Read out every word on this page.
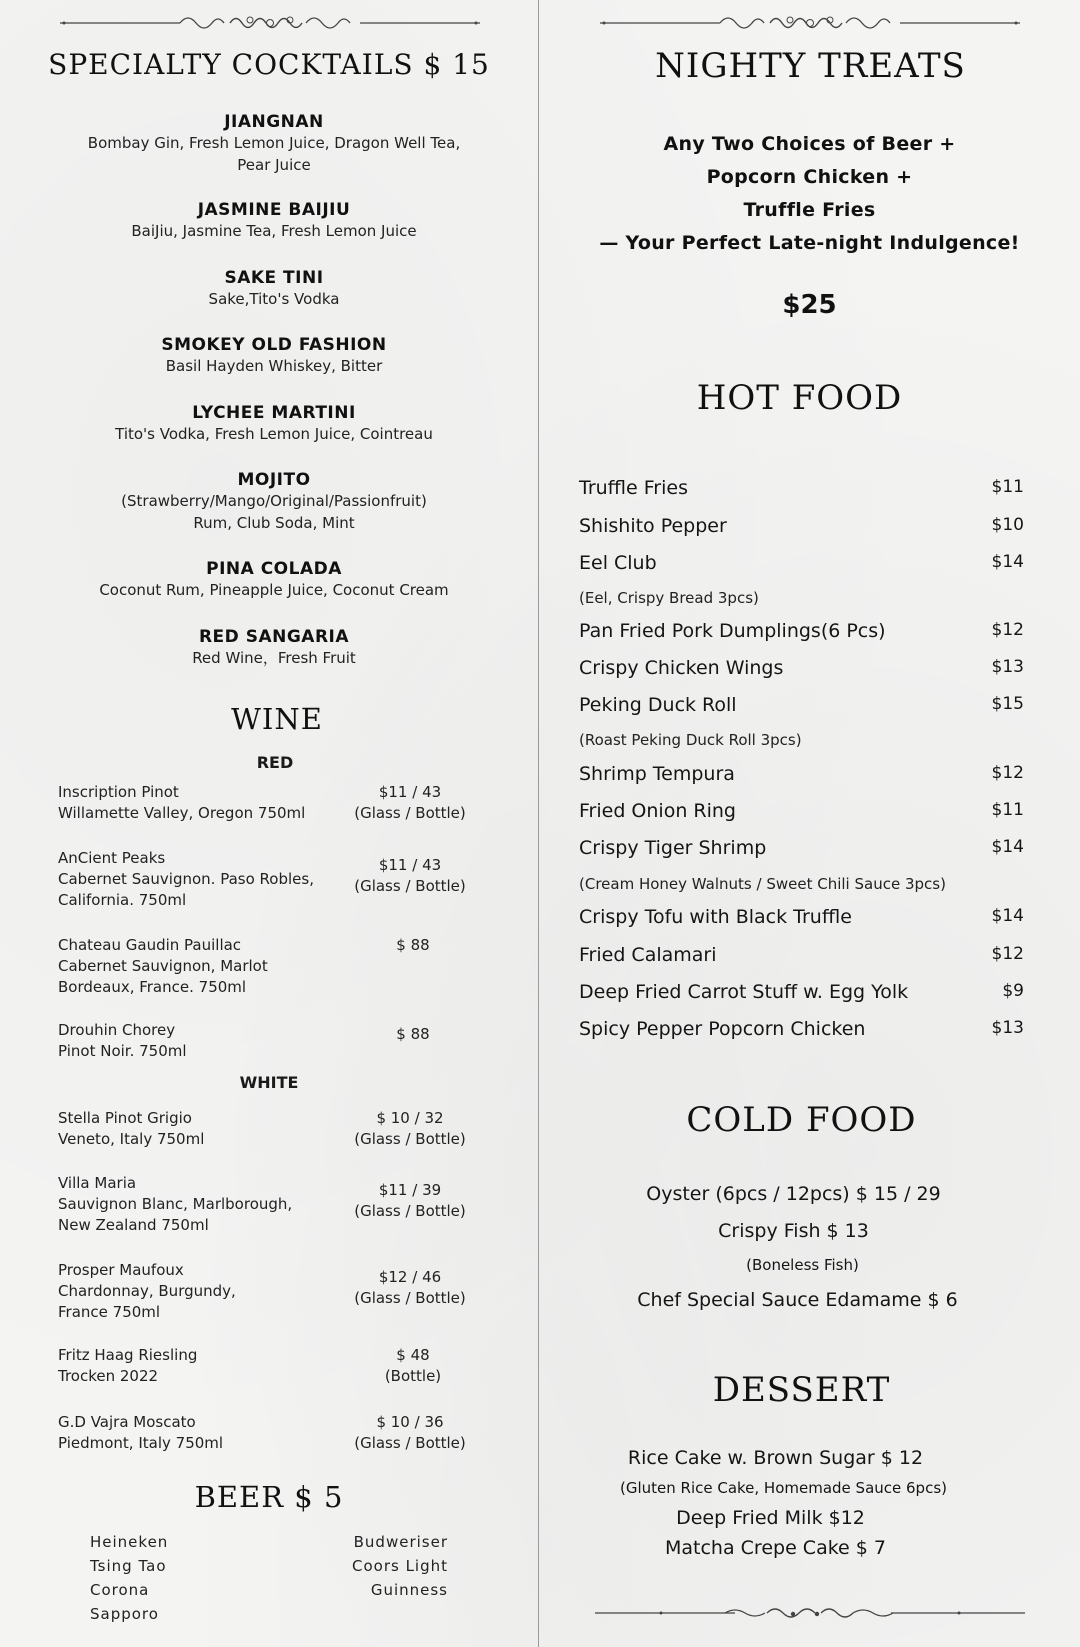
SPECIALTY COCKTAILS $ 15
JIANGNAN
Bombay Gin, Fresh Lemon Juice, Dragon Well Tea,
Pear Juice
JASMINE BAIJIU
BaiJiu, Jasmine Tea, Fresh Lemon Juice
SAKE TINI
Sake,Tito's Vodka
SMOKEY OLD FASHION
Basil Hayden Whiskey, Bitter
LYCHEE MARTINI
Tito's Vodka, Fresh Lemon Juice, Cointreau
MOJITO
(Strawberry/Mango/Original/Passionfruit)
Rum, Club Soda, Mint
PINA COLADA
Coconut Rum, Pineapple Juice, Coconut Cream
RED SANGARIA
Red Wine，Fresh Fruit
WINE
RED
WHITE
Inscription Pinot
Willamette Valley, Oregon 750ml
$11 / 43
(Glass / Bottle)
AnCient Peaks
Cabernet Sauvignon. Paso Robles,
California. 750ml
$11 / 43
(Glass / Bottle)
Chateau Gaudin Pauillac
Cabernet Sauvignon, Marlot
Bordeaux, France. 750ml
$ 88
Drouhin Chorey
Pinot Noir. 750ml
$ 88
Stella Pinot Grigio
Veneto, Italy 750ml
$ 10 / 32
(Glass / Bottle)
Villa Maria
Sauvignon Blanc, Marlborough,
New Zealand 750ml
$11 / 39
(Glass / Bottle)
Prosper Maufoux
Chardonnay, Burgundy,
France 750ml
$12 / 46
(Glass / Bottle)
Fritz Haag Riesling
Trocken 2022
$ 48
(Bottle)
G.D Vajra Moscato
Piedmont, Italy 750ml
$ 10 / 36
(Glass / Bottle)
BEER $ 5
Heineken
Tsing Tao
Corona
Sapporo
Budweriser
Coors Light
Guinness
NIGHTY TREATS
Any Two Choices of Beer +
Popcorn Chicken +
Truffle Fries
— Your Perfect Late-night Indulgence!
$25
HOT FOOD
Truffle Fries	$11
Shishito Pepper	$10
Eel Club	$14
(Eel, Crispy Bread 3pcs)
Pan Fried Pork Dumplings(6 Pcs)	$12
Crispy Chicken Wings	$13
Peking Duck Roll	$15
(Roast Peking Duck Roll 3pcs)
Shrimp Tempura	$12
Fried Onion Ring	$11
Crispy Tiger Shrimp	$14
(Cream Honey Walnuts / Sweet Chili Sauce 3pcs)
Crispy Tofu with Black Truffle	$14
Fried Calamari	$12
Deep Fried Carrot Stuff w. Egg Yolk	$9
Spicy Pepper Popcorn Chicken	$13
COLD FOOD
Oyster (6pcs / 12pcs) $ 15 / 29
Crispy Fish $ 13
(Boneless Fish)
Chef Special Sauce Edamame $ 6
DESSERT
Rice Cake w. Brown Sugar $ 12
(Gluten Rice Cake, Homemade Sauce 6pcs)
Deep Fried Milk $12
Matcha Crepe Cake $ 7
